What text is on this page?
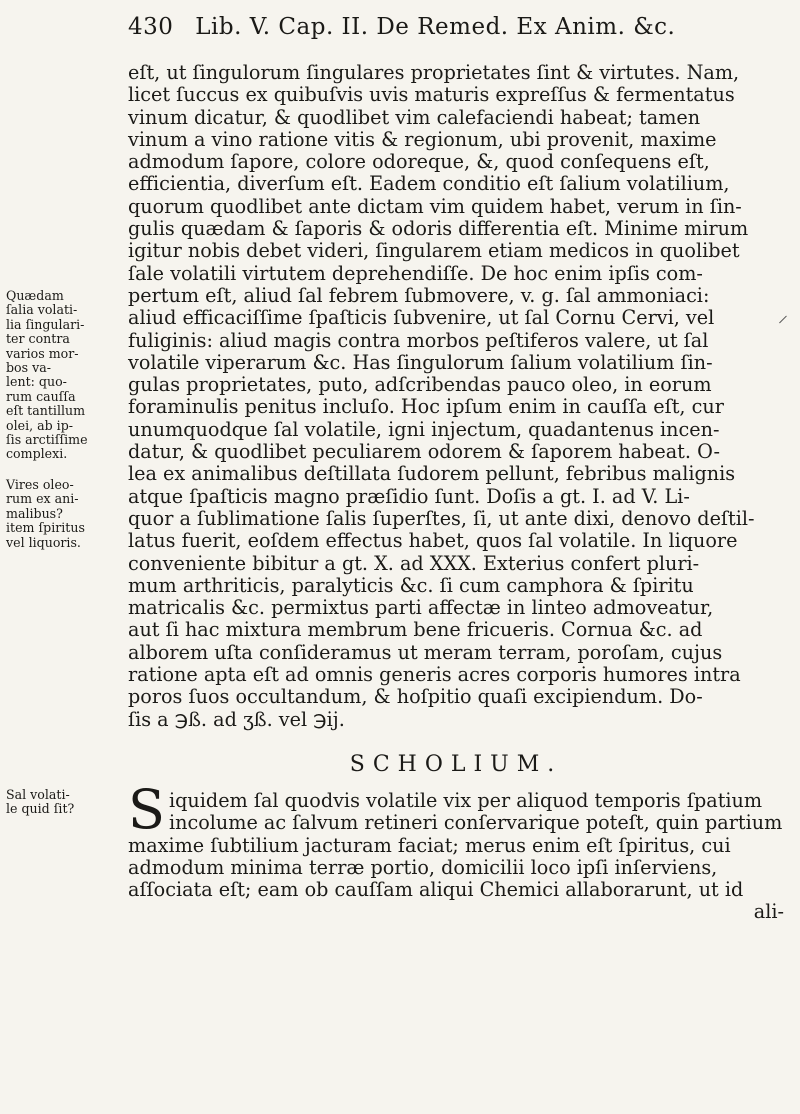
430 Lib. V. Cap. II. De Remed. Ex Anim. &c.
eſt, ut ſingulorum ſingulares proprietates ſint & virtutes. Nam,
licet ſuccus ex quibuſvis uvis maturis expreſſus & fermentatus
vinum dicatur, & quodlibet vim calefaciendi habeat; tamen
vinum a vino ratione vitis & regionum, ubi provenit, maxime
admodum ſapore, colore odoreque, &, quod conſequens eſt,
efficientia, diverſum eſt. Eadem conditio eſt ſalium volatilium,
quorum quodlibet ante dictam vim quidem habet, verum in ſin-
gulis quædam & ſaporis & odoris differentia eſt. Minime mirum
igitur nobis debet videri, ſingularem etiam medicos in quolibet
ſale volatili virtutem deprehendiſſe. De hoc enim ipſis com-
pertum eſt, aliud ſal febrem ſubmovere, v. g. ſal ammoniaci:
aliud efficaciſſime ſpaſticis ſubvenire, ut ſal Cornu Cervi, vel
fuliginis: aliud magis contra morbos peſtiferos valere, ut ſal
volatile viperarum &c. Has ſingulorum ſalium volatilium ſin-
gulas proprietates, puto, adſcribendas pauco oleo, in eorum
foraminulis penitus incluſo. Hoc ipſum enim in cauſſa eſt, cur
unumquodque ſal volatile, igni injectum, quadantenus incen-
datur, & quodlibet peculiarem odorem & ſaporem habeat. O-
lea ex animalibus deſtillata ſudorem pellunt, febribus malignis
atque ſpaſticis magno præſidio ſunt. Doſis a gt. I. ad V. Li-
quor a ſublimatione ſalis ſuperſtes, ſi, ut ante dixi, denovo deſtil-
latus fuerit, eoſdem effectus habet, quos ſal volatile. In liquore
conveniente bibitur a gt. X. ad XXX. Exterius confert pluri-
mum arthriticis, paralyticis &c. ſi cum camphora & ſpiritu
matricalis &c. permixtus parti affectæ in linteo admoveatur,
aut ſi hac mixtura membrum bene fricueris. Cornua &c. ad
alborem uſta conſideramus ut meram terram, poroſam, cujus
ratione apta eſt ad omnis generis acres corporis humores intra
poros ſuos occultandum, & hoſpitio quaſi excipiendum. Do-
ſis a ℈ß. ad ʒß. vel ℈ij.
Quædam
ſalia volati-
lia ſingulari-
ter contra
varios mor-
bos va-
lent: quo-
rum cauſſa
eſt tantillum
olei, ab ip-
ſis arctiſſime
complexi.
Vires oleo-
rum ex ani-
malibus?
item ſpiritus
vel liquoris.
Sal volati-
le quid ſit?
SCHOLIUM.
S iquidem ſal quodvis volatile vix per aliquod temporis ſpatium
incolume ac ſalvum retineri conſervarique poteſt, quin partium
maxime ſubtilium jacturam faciat; merus enim eſt ſpiritus, cui
admodum minima terræ portio, domicilii loco ipſi inſerviens,
aſſociata eſt; eam ob cauſſam aliqui Chemici allaborarunt, ut id
ali-
